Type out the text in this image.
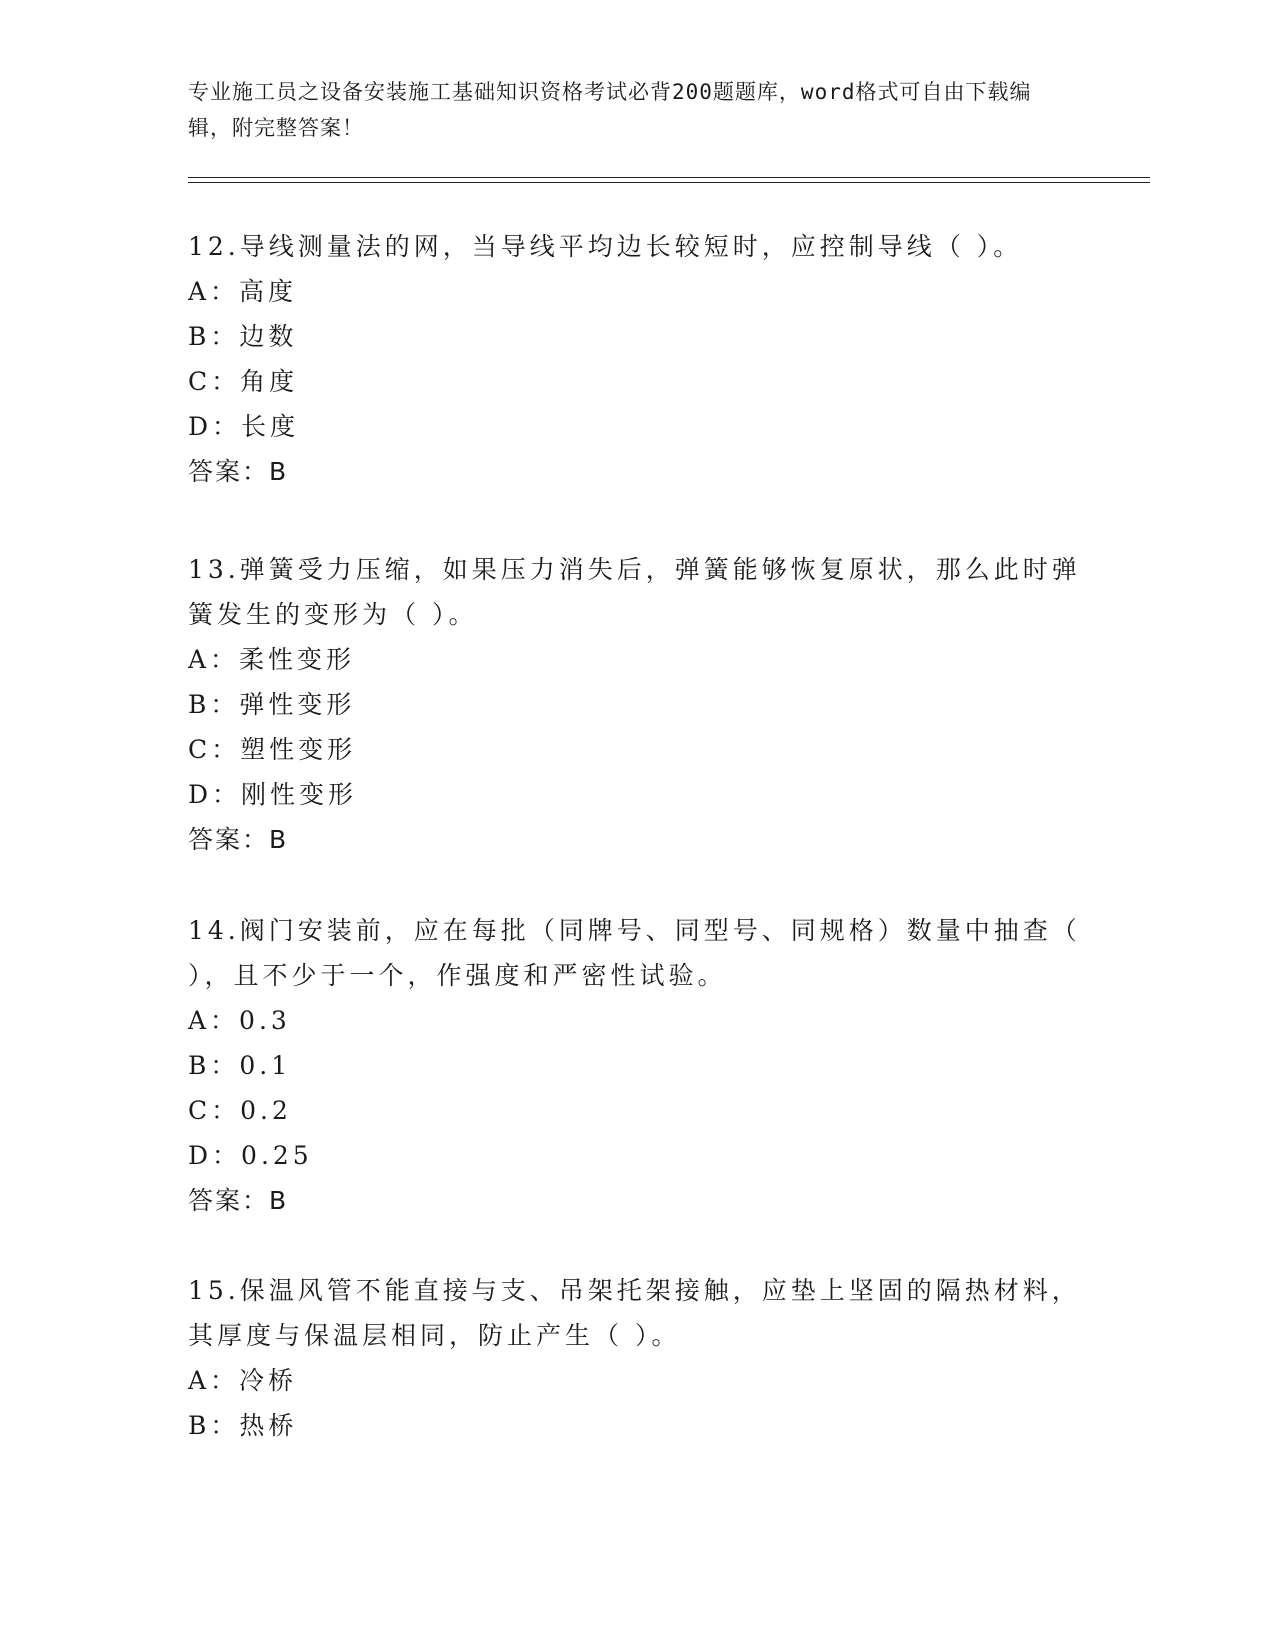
专业施工员之设备安装施工基础知识资格考试必背200题题库，word格式可自由下载编辑，附完整答案！

12.导线测量法的网，当导线平均边长较短时，应控制导线（ ）。

A：高度

B：边数

C：角度

D：长度

答案：B

13.弹簧受力压缩，如果压力消失后，弹簧能够恢复原状，那么此时弹簧发生的变形为（ ）。

A：柔性变形

B：弹性变形

C：塑性变形

D：刚性变形

答案：B

14.阀门安装前，应在每批（同牌号、同型号、同规格）数量中抽查（ ），且不少于一个，作强度和严密性试验。

A：0.3

B：0.1

C：0.2

D：0.25

答案：B

15.保温风管不能直接与支、吊架托架接触，应垫上坚固的隔热材料，其厚度与保温层相同，防止产生（ ）。

A：冷桥

B：热桥
